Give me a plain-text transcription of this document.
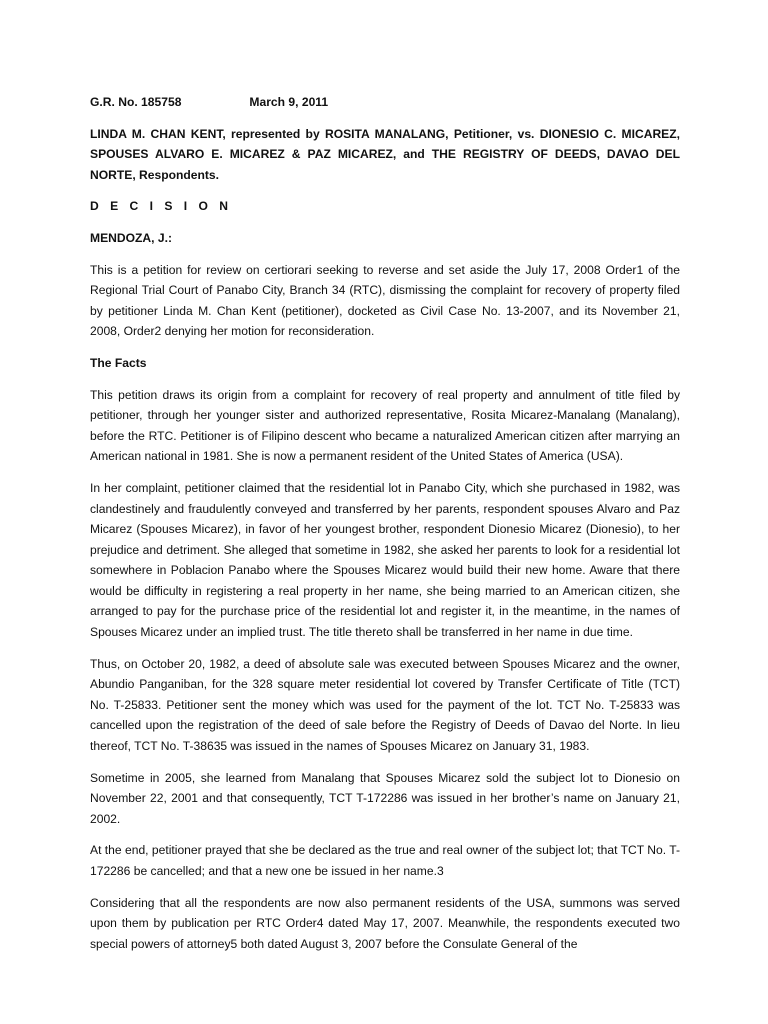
G.R. No. 185758	March 9, 2011

LINDA M. CHAN KENT, represented by ROSITA MANALANG, Petitioner, vs. DIONESIO C. MICAREZ, SPOUSES ALVARO E. MICAREZ & PAZ MICAREZ, and THE REGISTRY OF DEEDS, DAVAO DEL NORTE, Respondents.

D E C I S I O N

MENDOZA, J.:

This is a petition for review on certiorari seeking to reverse and set aside the July 17, 2008 Order1 of the Regional Trial Court of Panabo City, Branch 34 (RTC), dismissing the complaint for recovery of property filed by petitioner Linda M. Chan Kent (petitioner), docketed as Civil Case No. 13-2007, and its November 21, 2008, Order2 denying her motion for reconsideration.

The Facts

This petition draws its origin from a complaint for recovery of real property and annulment of title filed by petitioner, through her younger sister and authorized representative, Rosita Micarez-Manalang (Manalang), before the RTC. Petitioner is of Filipino descent who became a naturalized American citizen after marrying an American national in 1981. She is now a permanent resident of the United States of America (USA).

In her complaint, petitioner claimed that the residential lot in Panabo City, which she purchased in 1982, was clandestinely and fraudulently conveyed and transferred by her parents, respondent spouses Alvaro and Paz Micarez (Spouses Micarez), in favor of her youngest brother, respondent Dionesio Micarez (Dionesio), to her prejudice and detriment. She alleged that sometime in 1982, she asked her parents to look for a residential lot somewhere in Poblacion Panabo where the Spouses Micarez would build their new home. Aware that there would be difficulty in registering a real property in her name, she being married to an American citizen, she arranged to pay for the purchase price of the residential lot and register it, in the meantime, in the names of Spouses Micarez under an implied trust. The title thereto shall be transferred in her name in due time.

Thus, on October 20, 1982, a deed of absolute sale was executed between Spouses Micarez and the owner, Abundio Panganiban, for the 328 square meter residential lot covered by Transfer Certificate of Title (TCT) No. T-25833. Petitioner sent the money which was used for the payment of the lot. TCT No. T-25833 was cancelled upon the registration of the deed of sale before the Registry of Deeds of Davao del Norte. In lieu thereof, TCT No. T-38635 was issued in the names of Spouses Micarez on January 31, 1983.

Sometime in 2005, she learned from Manalang that Spouses Micarez sold the subject lot to Dionesio on November 22, 2001 and that consequently, TCT T-172286 was issued in her brother’s name on January 21, 2002.

At the end, petitioner prayed that she be declared as the true and real owner of the subject lot; that TCT No. T-172286 be cancelled; and that a new one be issued in her name.3

Considering that all the respondents are now also permanent residents of the USA, summons was served upon them by publication per RTC Order4 dated May 17, 2007. Meanwhile, the respondents executed two special powers of attorney5 both dated August 3, 2007 before the Consulate General of the
